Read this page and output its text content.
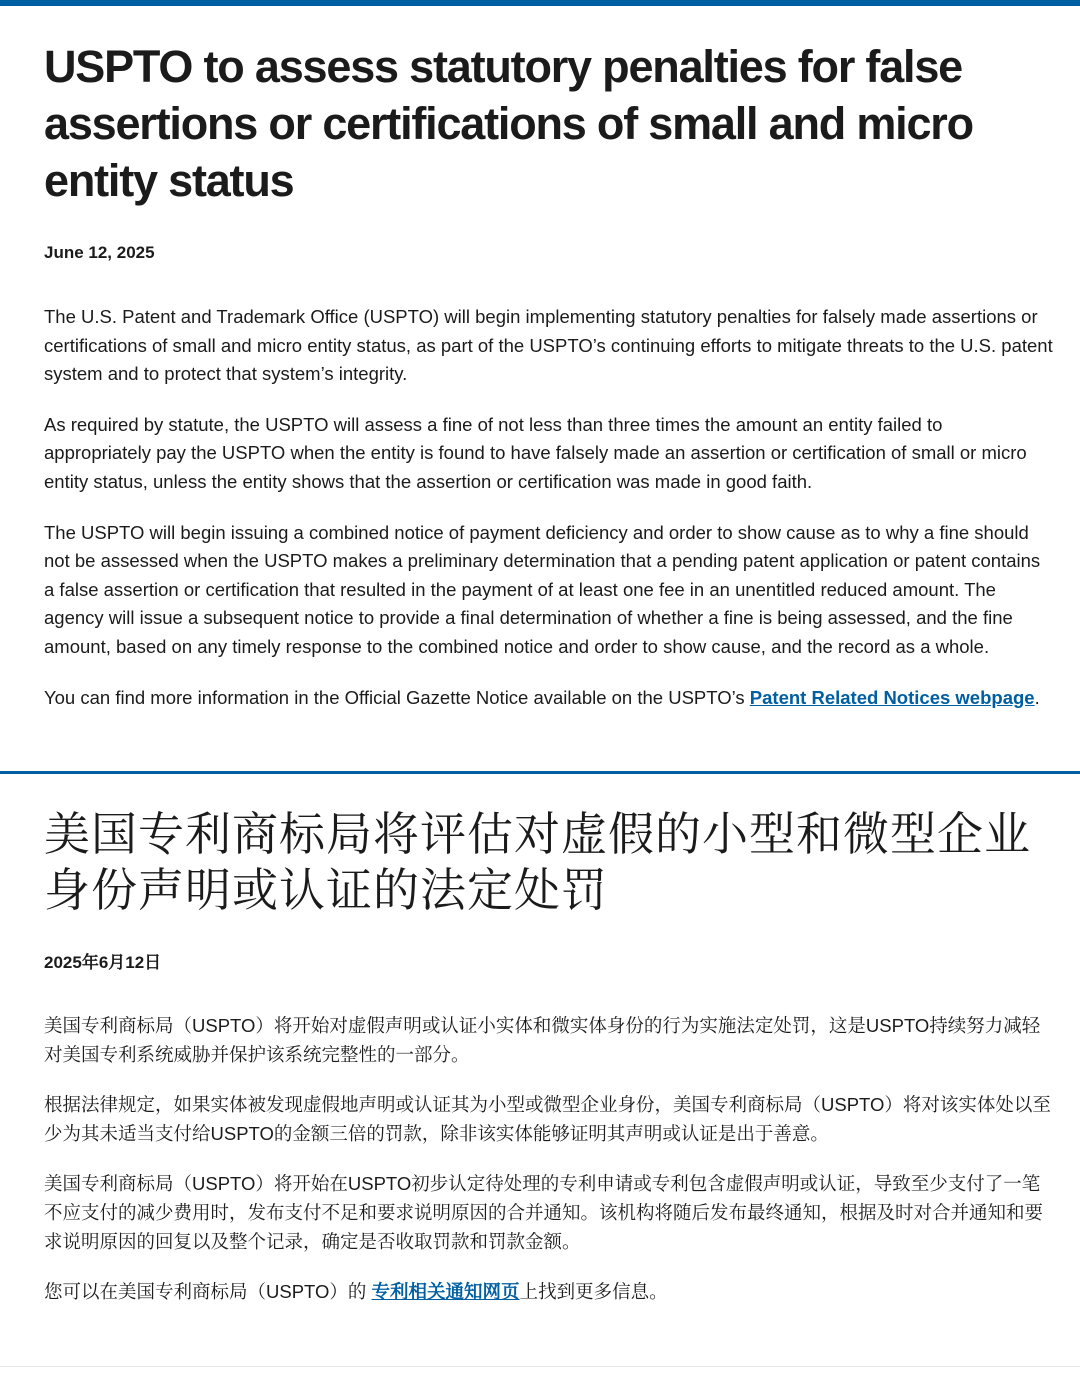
USPTO to assess statutory penalties for false assertions or certifications of small and micro entity status
June 12, 2025

The U.S. Patent and Trademark Office (USPTO) will begin implementing statutory penalties for falsely made assertions or certifications of small and micro entity status, as part of the USPTO’s continuing efforts to mitigate threats to the U.S. patent system and to protect that system’s integrity.

As required by statute, the USPTO will assess a fine of not less than three times the amount an entity failed to appropriately pay the USPTO when the entity is found to have falsely made an assertion or certification of small or micro entity status, unless the entity shows that the assertion or certification was made in good faith.

The USPTO will begin issuing a combined notice of payment deficiency and order to show cause as to why a fine should not be assessed when the USPTO makes a preliminary determination that a pending patent application or patent contains a false assertion or certification that resulted in the payment of at least one fee in an unentitled reduced amount. The agency will issue a subsequent notice to provide a final determination of whether a fine is being assessed, and the fine amount, based on any timely response to the combined notice and order to show cause, and the record as a whole.

You can find more information in the Official Gazette Notice available on the USPTO’s Patent Related Notices webpage.

美国专利商标局将评估对虚假的小型和微型企业身份声明或认证的法定处罚
2025年6月12日

美国专利商标局（USPTO）将开始对虚假声明或认证小实体和微实体身份的行为实施法定处罚，这是USPTO持续努力减轻对美国专利系统威胁并保护该系统完整性的一部分。

根据法律规定，如果实体被发现虚假地声明或认证其为小型或微型企业身份，美国专利商标局（USPTO）将对该实体处以至少为其未适当支付给USPTO的金额三倍的罚款，除非该实体能够证明其声明或认证是出于善意。

美国专利商标局（USPTO）将开始在USPTO初步认定待处理的专利申请或专利包含虚假声明或认证，导致至少支付了一笔不应支付的减少费用时，发布支付不足和要求说明原因的合并通知。该机构将随后发布最终通知，根据及时对合并通知和要求说明原因的回复以及整个记录，确定是否收取罚款和罚款金额。

您可以在美国专利商标局（USPTO）的 专利相关通知网页上找到更多信息。
